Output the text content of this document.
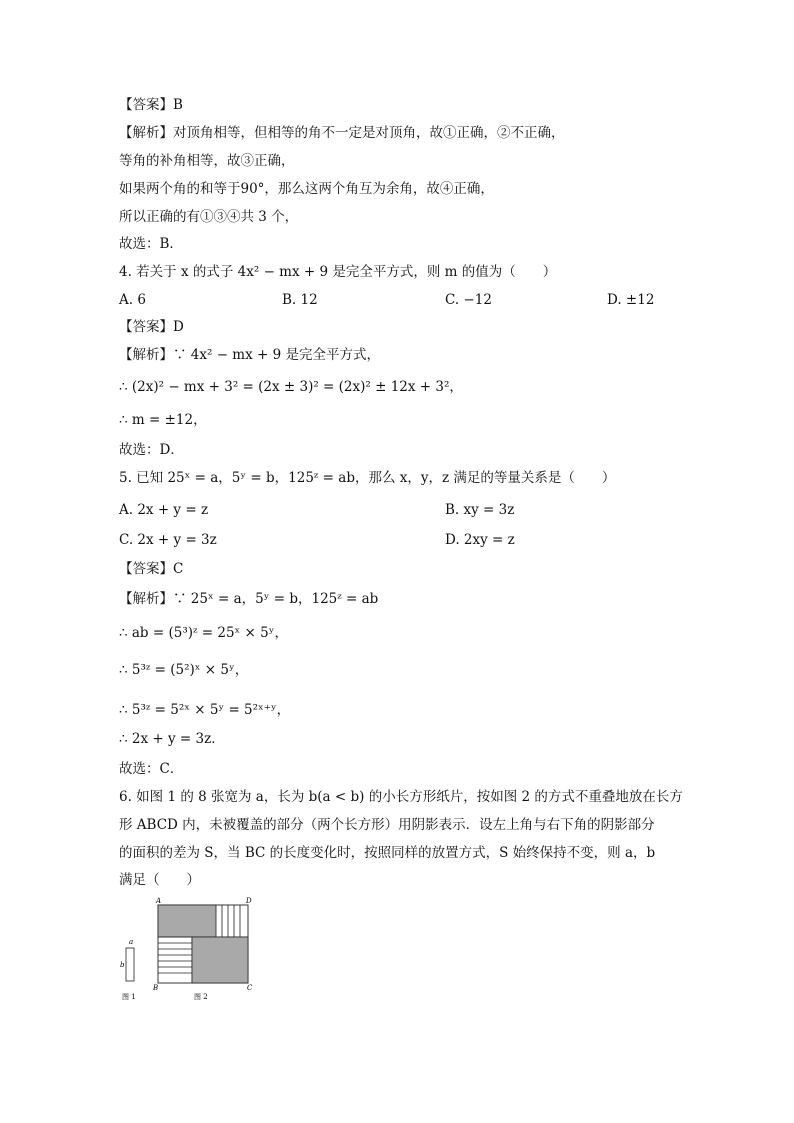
【答案】B
【解析】对顶角相等，但相等的角不一定是对顶角，故①正确，②不正确，
等角的补角相等，故③正确，
如果两个角的和等于90°，那么这两个角互为余角，故④正确，
所以正确的有①③④共 3 个，
故选：B．
4. 若关于 x 的式子 4x² − mx + 9 是完全平方式，则 m 的值为（　　）
【答案】D
【解析】∵ 4x² − mx + 9 是完全平方式，
∴ (2x)² − mx + 3² = (2x ± 3)² = (2x)² ± 12x + 3²，
∴ m = ±12，
故选：D．
5. 已知 25ˣ = a，5ʸ = b，125ᶻ = ab，那么 x，y，z 满足的等量关系是（　　）
【答案】C
【解析】∵ 25ˣ = a，5ʸ = b，125ᶻ = ab
∴ ab = (5³)ᶻ = 25ˣ × 5ʸ，
∴ 5³ᶻ = (5²)ˣ × 5ʸ，
∴ 5³ᶻ = 5²ˣ × 5ʸ = 5²ˣ⁺ʸ，
∴ 2x + y = 3z．
故选：C．
6. 如图 1 的 8 张宽为 a，长为 b(a < b) 的小长方形纸片，按如图 2 的方式不重叠地放在长方
形 ABCD 内，未被覆盖的部分（两个长方形）用阴影表示．设左上角与右下角的阴影部分
的面积的差为 S，当 BC 的长度变化时，按照同样的放置方式，S 始终保持不变，则 a，b
满足（　　）
A. 6	B. 12	C. −12	D. ±12
A. 2x + y = z	B. xy = 3z
C. 2x + y = 3z	D. 2xy = z
a
b
图 1
A	D
B	C
图 2
